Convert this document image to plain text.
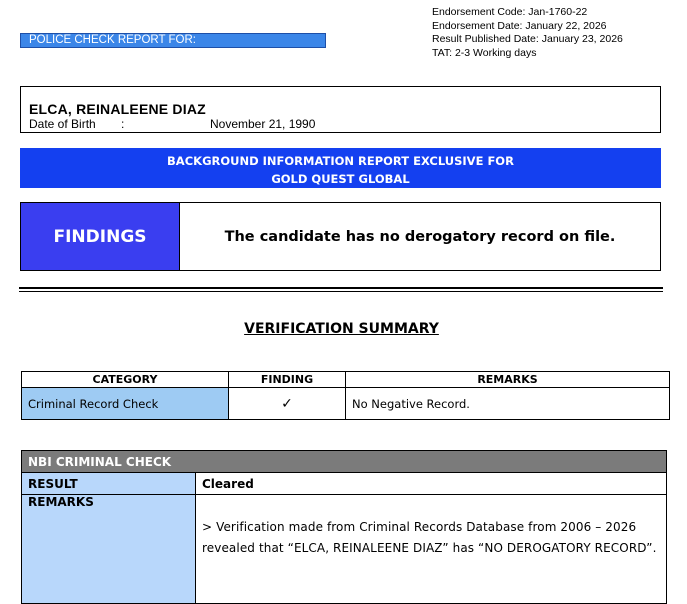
POLICE CHECK REPORT FOR:
Endorsement Code: Jan-1760-22
Endorsement Date: January 22, 2026
Result Published Date: January 23, 2026
TAT: 2-3 Working days
ELCA, REINALEENE DIAZ
Date of Birth :	November 21, 1990
BACKGROUND INFORMATION REPORT EXCLUSIVE FOR
GOLD QUEST GLOBAL
FINDINGS	The candidate has no derogatory record on file.
VERIFICATION SUMMARY
CATEGORY	FINDING	REMARKS
Criminal Record Check	✓	No Negative Record.
NBI CRIMINAL CHECK	
RESULT	Cleared
REMARKS	> Verification made from Criminal Records Database from 2006 – 2026 revealed that “ELCA, REINALEENE DIAZ” has “NO DEROGATORY RECORD”.
